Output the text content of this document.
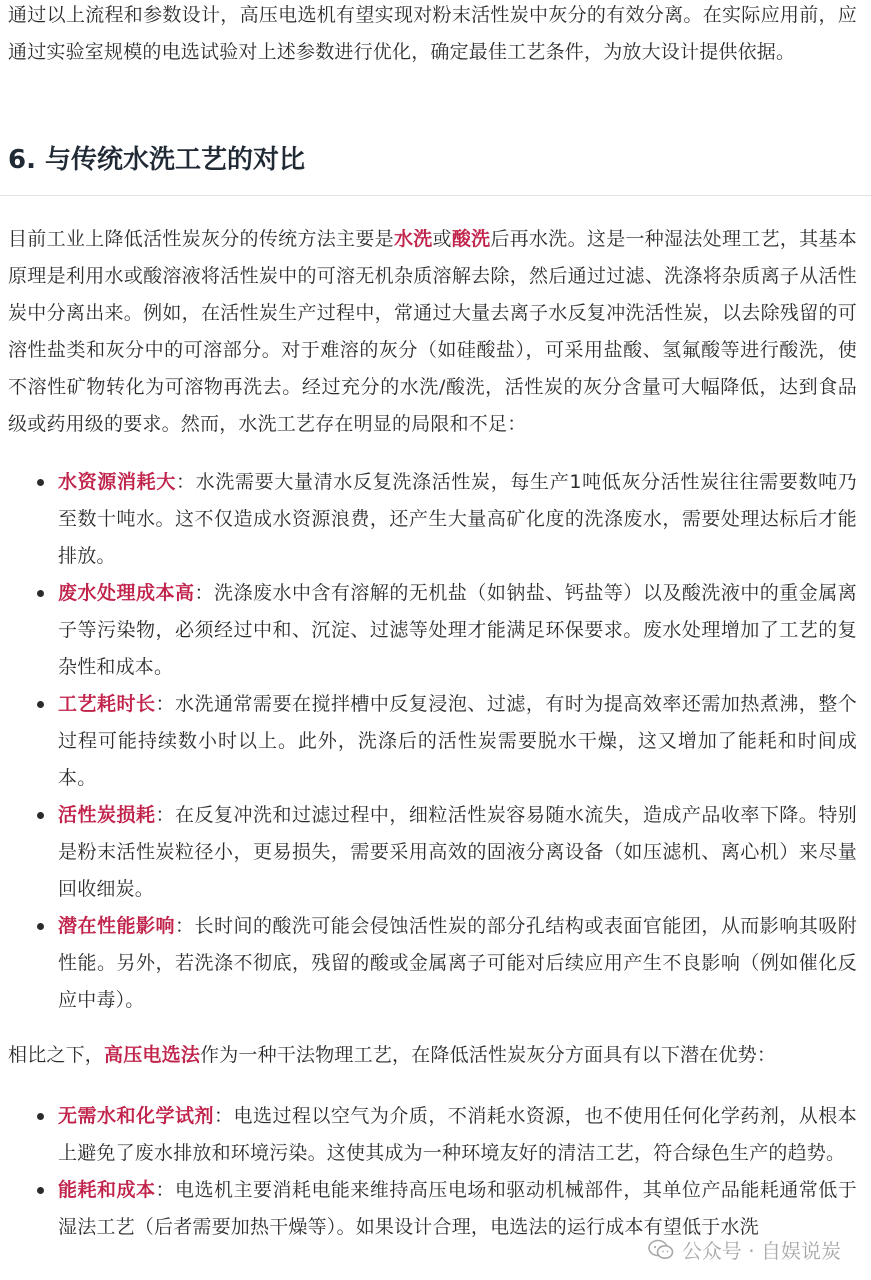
通过以上流程和参数设计，高压电选机有望实现对粉末活性炭中灰分的有效分离。在实际应用前，应通过实验室规模的电选试验对上述参数进行优化，确定最佳工艺条件，为放大设计提供依据。

6. 与传统水洗工艺的对比

目前工业上降低活性炭灰分的传统方法主要是水洗或酸洗后再水洗。这是一种湿法处理工艺，其基本原理是利用水或酸溶液将活性炭中的可溶无机杂质溶解去除，然后通过过滤、洗涤将杂质离子从活性炭中分离出来。例如，在活性炭生产过程中，常通过大量去离子水反复冲洗活性炭，以去除残留的可溶性盐类和灰分中的可溶部分。对于难溶的灰分（如硅酸盐），可采用盐酸、氢氟酸等进行酸洗，使不溶性矿物转化为可溶物再洗去。经过充分的水洗/酸洗，活性炭的灰分含量可大幅降低，达到食品级或药用级的要求。然而，水洗工艺存在明显的局限和不足：

水资源消耗大：水洗需要大量清水反复洗涤活性炭，每生产1吨低灰分活性炭往往需要数吨乃至数十吨水。这不仅造成水资源浪费，还产生大量高矿化度的洗涤废水，需要处理达标后才能排放。
废水处理成本高：洗涤废水中含有溶解的无机盐（如钠盐、钙盐等）以及酸洗液中的重金属离子等污染物，必须经过中和、沉淀、过滤等处理才能满足环保要求。废水处理增加了工艺的复杂性和成本。
工艺耗时长：水洗通常需要在搅拌槽中反复浸泡、过滤，有时为提高效率还需加热煮沸，整个过程可能持续数小时以上。此外，洗涤后的活性炭需要脱水干燥，这又增加了能耗和时间成本。
活性炭损耗：在反复冲洗和过滤过程中，细粒活性炭容易随水流失，造成产品收率下降。特别是粉末活性炭粒径小，更易损失，需要采用高效的固液分离设备（如压滤机、离心机）来尽量回收细炭。
潜在性能影响：长时间的酸洗可能会侵蚀活性炭的部分孔结构或表面官能团，从而影响其吸附性能。另外，若洗涤不彻底，残留的酸或金属离子可能对后续应用产生不良影响（例如催化反应中毒）。

相比之下，高压电选法作为一种干法物理工艺，在降低活性炭灰分方面具有以下潜在优势：

无需水和化学试剂：电选过程以空气为介质，不消耗水资源，也不使用任何化学药剂，从根本上避免了废水排放和环境污染。这使其成为一种环境友好的清洁工艺，符合绿色生产的趋势。
能耗和成本：电选机主要消耗电能来维持高压电场和驱动机械部件，其单位产品能耗通常低于湿法工艺（后者需要加热干燥等）。如果设计合理，电选法的运行成本有望低于水洗
公众号 · 自娱说炭
